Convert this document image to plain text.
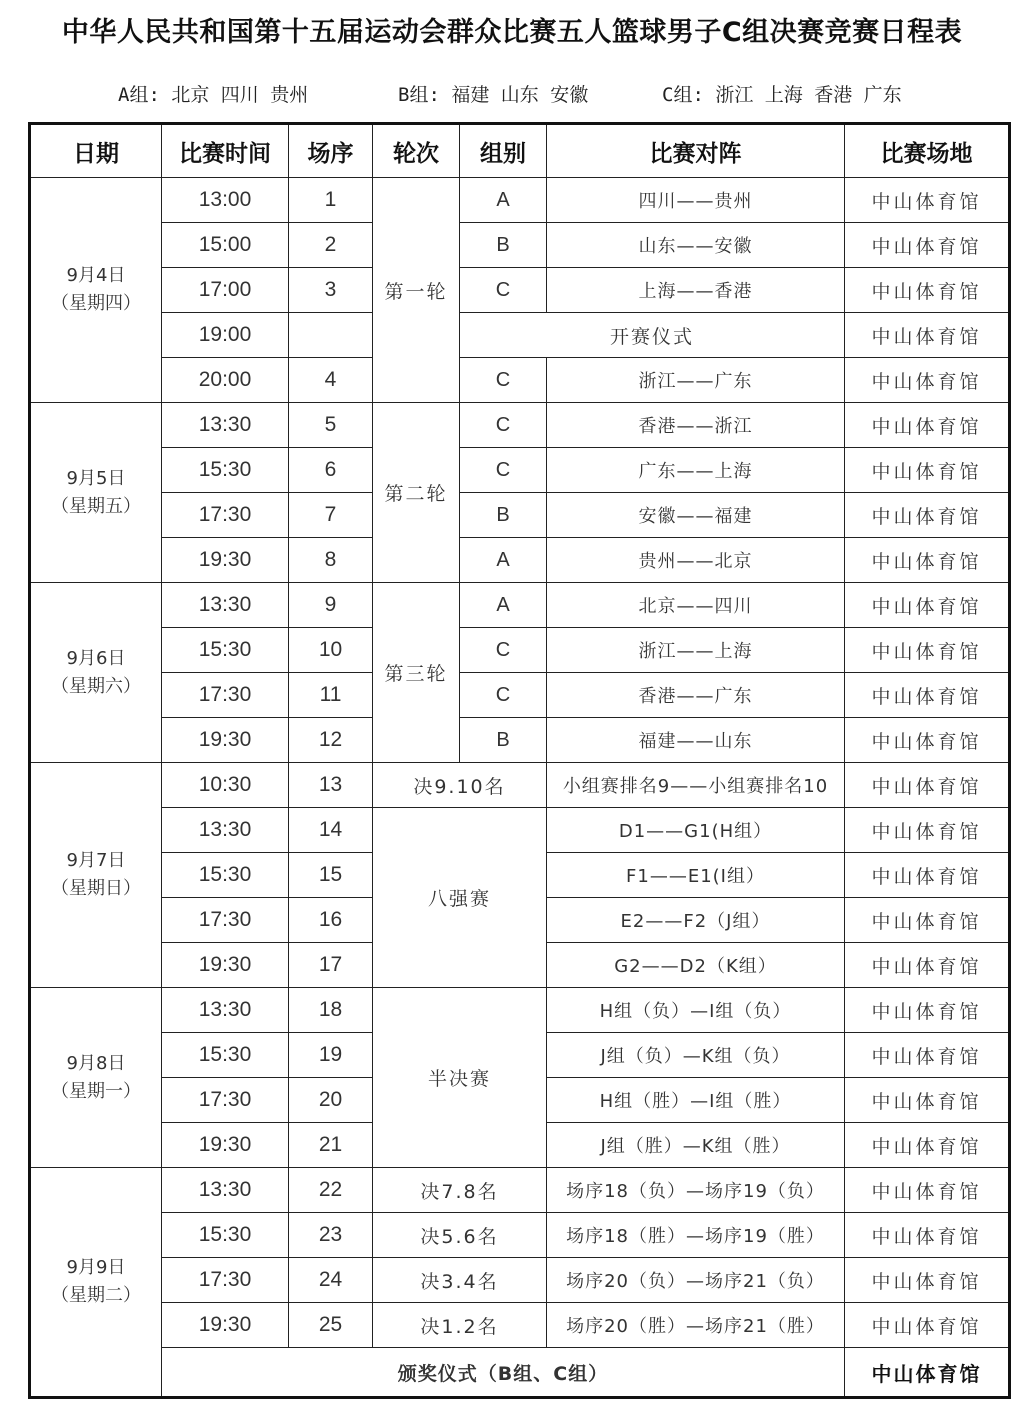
中华人民共和国第十五届运动会群众比赛五人篮球男子C组决赛竞赛日程表
A组: 北京 四川 贵州	B组: 福建 山东 安徽	C组: 浙江 上海 香港 广东
日期	比赛时间	场序	轮次	组别	比赛对阵	比赛场地

9月4日
（星期四）	13:00	1	第一轮	A	四川——贵州	中山体育馆
	15:00	2		B	山东——安徽	中山体育馆
	17:00	3		C	上海——香港	中山体育馆
	19:00			开赛仪式		中山体育馆
	20:00	4		C	浙江——广东	中山体育馆

9月5日
（星期五）	13:30	5	第二轮	C	香港——浙江	中山体育馆
	15:30	6		C	广东——上海	中山体育馆
	17:30	7		B	安徽——福建	中山体育馆
	19:30	8		A	贵州——北京	中山体育馆

9月6日
（星期六）	13:30	9	第三轮	A	北京——四川	中山体育馆
	15:30	10		C	浙江——上海	中山体育馆
	17:30	11		C	香港——广东	中山体育馆
	19:30	12		B	福建——山东	中山体育馆

9月7日
（星期日）	10:30	13	决9.10名		小组赛排名9——小组赛排名10	中山体育馆
	13:30	14	八强赛		D1——G1(H组）	中山体育馆
	15:30	15			F1——E1(I组）	中山体育馆
	17:30	16			E2——F2（J组）	中山体育馆
	19:30	17			G2——D2（K组）	中山体育馆

9月8日
（星期一）	13:30	18	半决赛		H组（负）—I组（负）	中山体育馆
	15:30	19			J组（负）—K组（负）	中山体育馆
	17:30	20			H组（胜）—I组（胜）	中山体育馆
	19:30	21			J组（胜）—K组（胜）	中山体育馆

9月9日
（星期二）	13:30	22	决7.8名		场序18（负）—场序19（负）	中山体育馆
	15:30	23	决5.6名		场序18（胜）—场序19（胜）	中山体育馆
	17:30	24	决3.4名		场序20（负）—场序21（负）	中山体育馆
	19:30	25	决1.2名		场序20（胜）—场序21（胜）	中山体育馆
	颁奖仪式（B组、C组）					中山体育馆
